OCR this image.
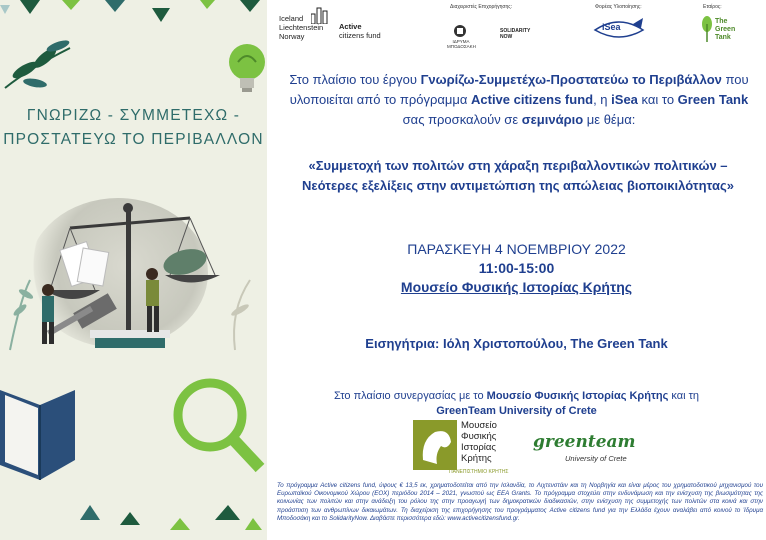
ΓΝΩΡΙΖΩ - ΣΥΜΜΕΤΕΧΩ -
ΠΡΟΣΤΑΤΕΥΩ ΤΟ ΠΕΡΙΒΑΛΛΟΝ
Iceland
Liechtenstein
Norway
Active
citizens fund
Διαχειριστές Επιχορήγησης:
ΙΔΡΥΜΑ
ΜΠΟΔΟΣΑΚΗ
SOLIDARITY
NOW
Φορέας Υλοποίησης:
iSea
Εταίρος:
The
Green
Tank
Στο πλαίσιο του έργου Γνωρίζω-Συμμετέχω-Προστατεύω το Περιβάλλον που υλοποιείται από το πρόγραμμα Active citizens fund, η iSea και το Green Tank σας προσκαλούν σε σεμινάριο με θέμα:
«Συμμετοχή των πολιτών στη χάραξη περιβαλλοντικών πολιτικών –
Νεότερες εξελίξεις στην αντιμετώπιση της απώλειας βιοποικιλότητας»
ΠΑΡΑΣΚΕΥΗ 4 ΝΟΕΜΒΡΙΟΥ 2022
11:00-15:00
Μουσείο Φυσικής Ιστορίας Κρήτης
Εισηγήτρια: Ιόλη Χριστοπούλου, The Green Tank
Στο πλαίσιο συνεργασίας με το Μουσείο Φυσικής Ιστορίας Κρήτης και τη
GreenTeam University of Crete
Μουσείο
Φυσικής
Ιστορίας
Κρήτης
ΠΑΝΕΠΙΣΤΗΜΙΟ ΚΡΗΤΗΣ
greenteam
University of Crete
Το πρόγραμμα Active citizens fund, ύψους € 13,5 εκ, χρηματοδοτείται από την Ισλανδία, το Λιχτενστάιν και τη Νορβηγία και είναι μέρος του χρηματοδοτικού μηχανισμού του Ευρωπαϊκού Οικονομικού Χώρου (ΕΟΧ) περιόδου 2014 – 2021, γνωστού ως EEA Grants. Το πρόγραμμα στοχεύει στην ενδυνάμωση και την ενίσχυση της βιωσιμότητας της κοινωνίας των πολιτών και στην ανάδειξη του ρόλου της στην προαγωγή των δημοκρατικών διαδικασιών, στην ενίσχυση της συμμετοχής των πολιτών στα κοινά και στην προάσπιση των ανθρωπίνων δικαιωμάτων. Τη διαχείριση της επιχορήγησης του προγράμματος Active citizens fund για την Ελλάδα έχουν αναλάβει από κοινού το Ίδρυμα Μποδοσάκη και το SolidarityNow. Διαβάστε περισσότερα εδώ: www.activecitizensfund.gr.
